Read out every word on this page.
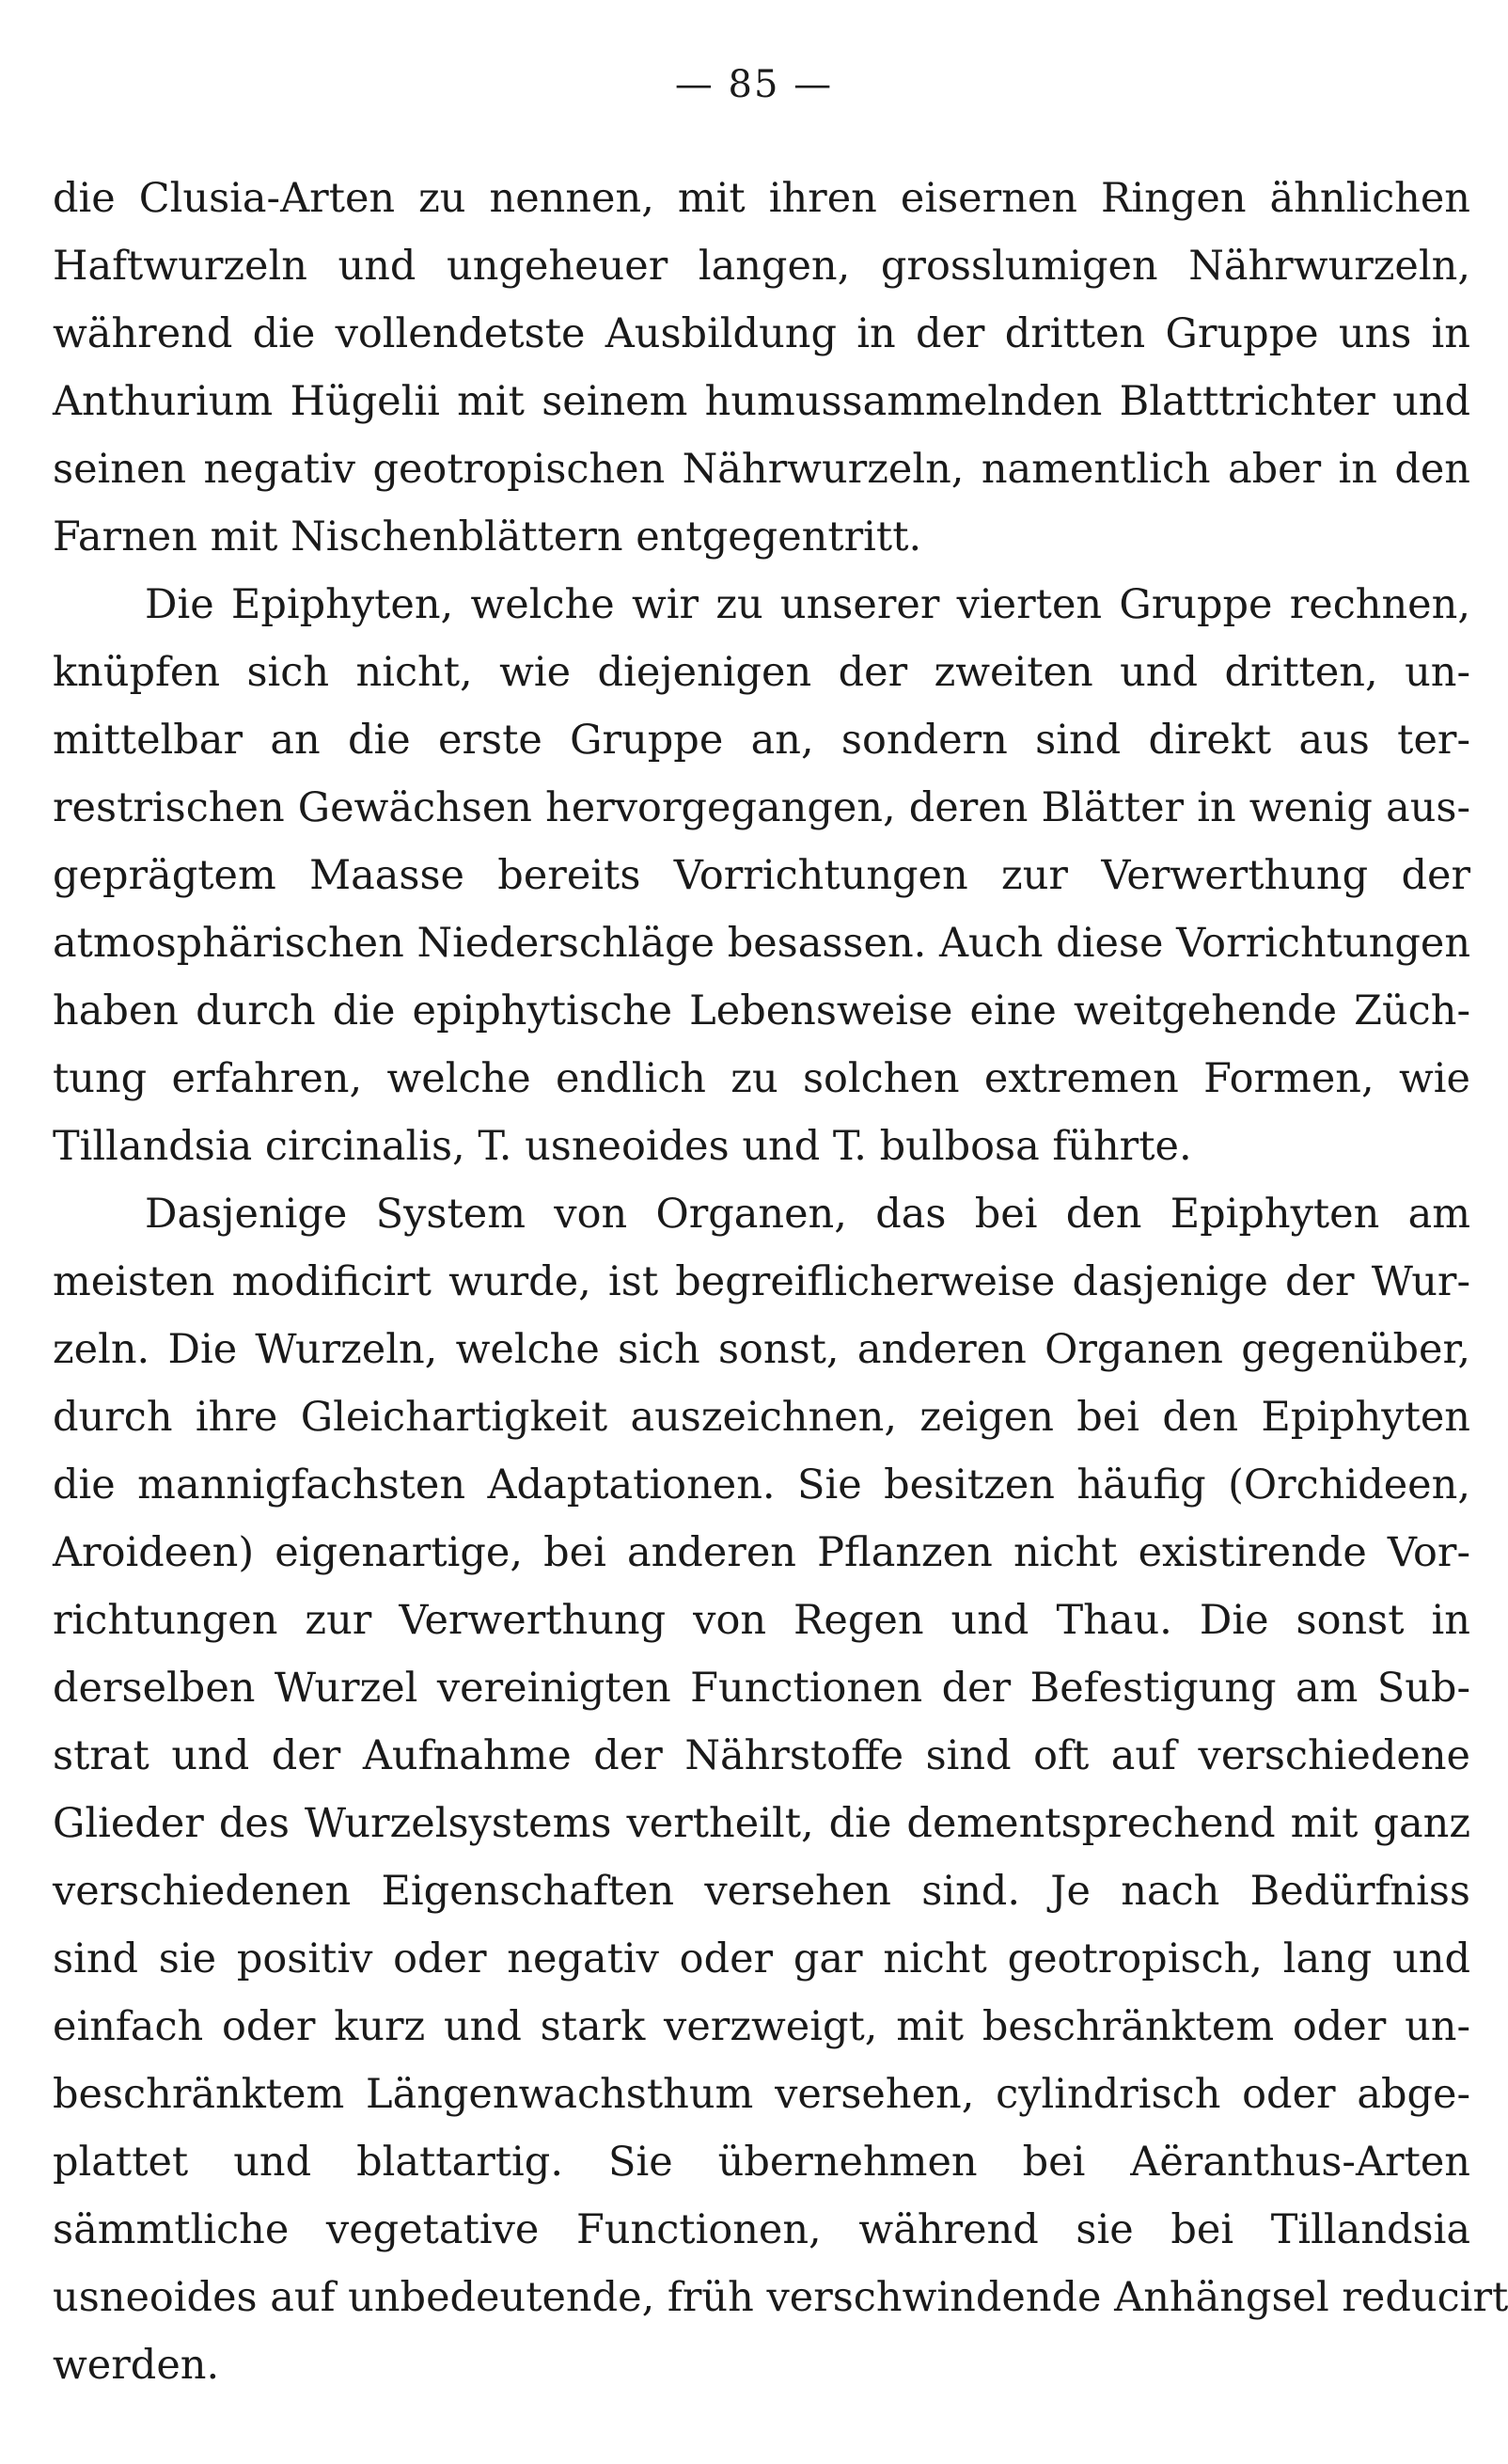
— 85 —
die Clusia-Arten zu nennen, mit ihren eisernen Ringen ähnlichen
Haftwurzeln und ungeheuer langen, grosslumigen Nährwurzeln,
während die vollendetste Ausbildung in der dritten Gruppe uns in
Anthurium Hügelii mit seinem humussammelnden Blatttrichter und
seinen negativ geotropischen Nährwurzeln, namentlich aber in den
Farnen mit Nischenblättern entgegentritt.
Die Epiphyten, welche wir zu unserer vierten Gruppe rechnen,
knüpfen sich nicht, wie diejenigen der zweiten und dritten, un-
mittelbar an die erste Gruppe an, sondern sind direkt aus ter-
restrischen Gewächsen hervorgegangen, deren Blätter in wenig aus-
geprägtem Maasse bereits Vorrichtungen zur Verwerthung der
atmosphärischen Niederschläge besassen. Auch diese Vorrichtungen
haben durch die epiphytische Lebensweise eine weitgehende Züch-
tung erfahren, welche endlich zu solchen extremen Formen, wie
Tillandsia circinalis, T. usneoides und T. bulbosa führte.
Dasjenige System von Organen, das bei den Epiphyten am
meisten modificirt wurde, ist begreiflicherweise dasjenige der Wur-
zeln. Die Wurzeln, welche sich sonst, anderen Organen gegenüber,
durch ihre Gleichartigkeit auszeichnen, zeigen bei den Epiphyten
die mannigfachsten Adaptationen. Sie besitzen häufig (Orchideen,
Aroideen) eigenartige, bei anderen Pflanzen nicht existirende Vor-
richtungen zur Verwerthung von Regen und Thau. Die sonst in
derselben Wurzel vereinigten Functionen der Befestigung am Sub-
strat und der Aufnahme der Nährstoffe sind oft auf verschiedene
Glieder des Wurzelsystems vertheilt, die dementsprechend mit ganz
verschiedenen Eigenschaften versehen sind. Je nach Bedürfniss
sind sie positiv oder negativ oder gar nicht geotropisch, lang und
einfach oder kurz und stark verzweigt, mit beschränktem oder un-
beschränktem Längenwachsthum versehen, cylindrisch oder abge-
plattet und blattartig. Sie übernehmen bei Aëranthus-Arten
sämmtliche vegetative Functionen, während sie bei Tillandsia
usneoides auf unbedeutende, früh verschwindende Anhängsel reducirt
werden.
